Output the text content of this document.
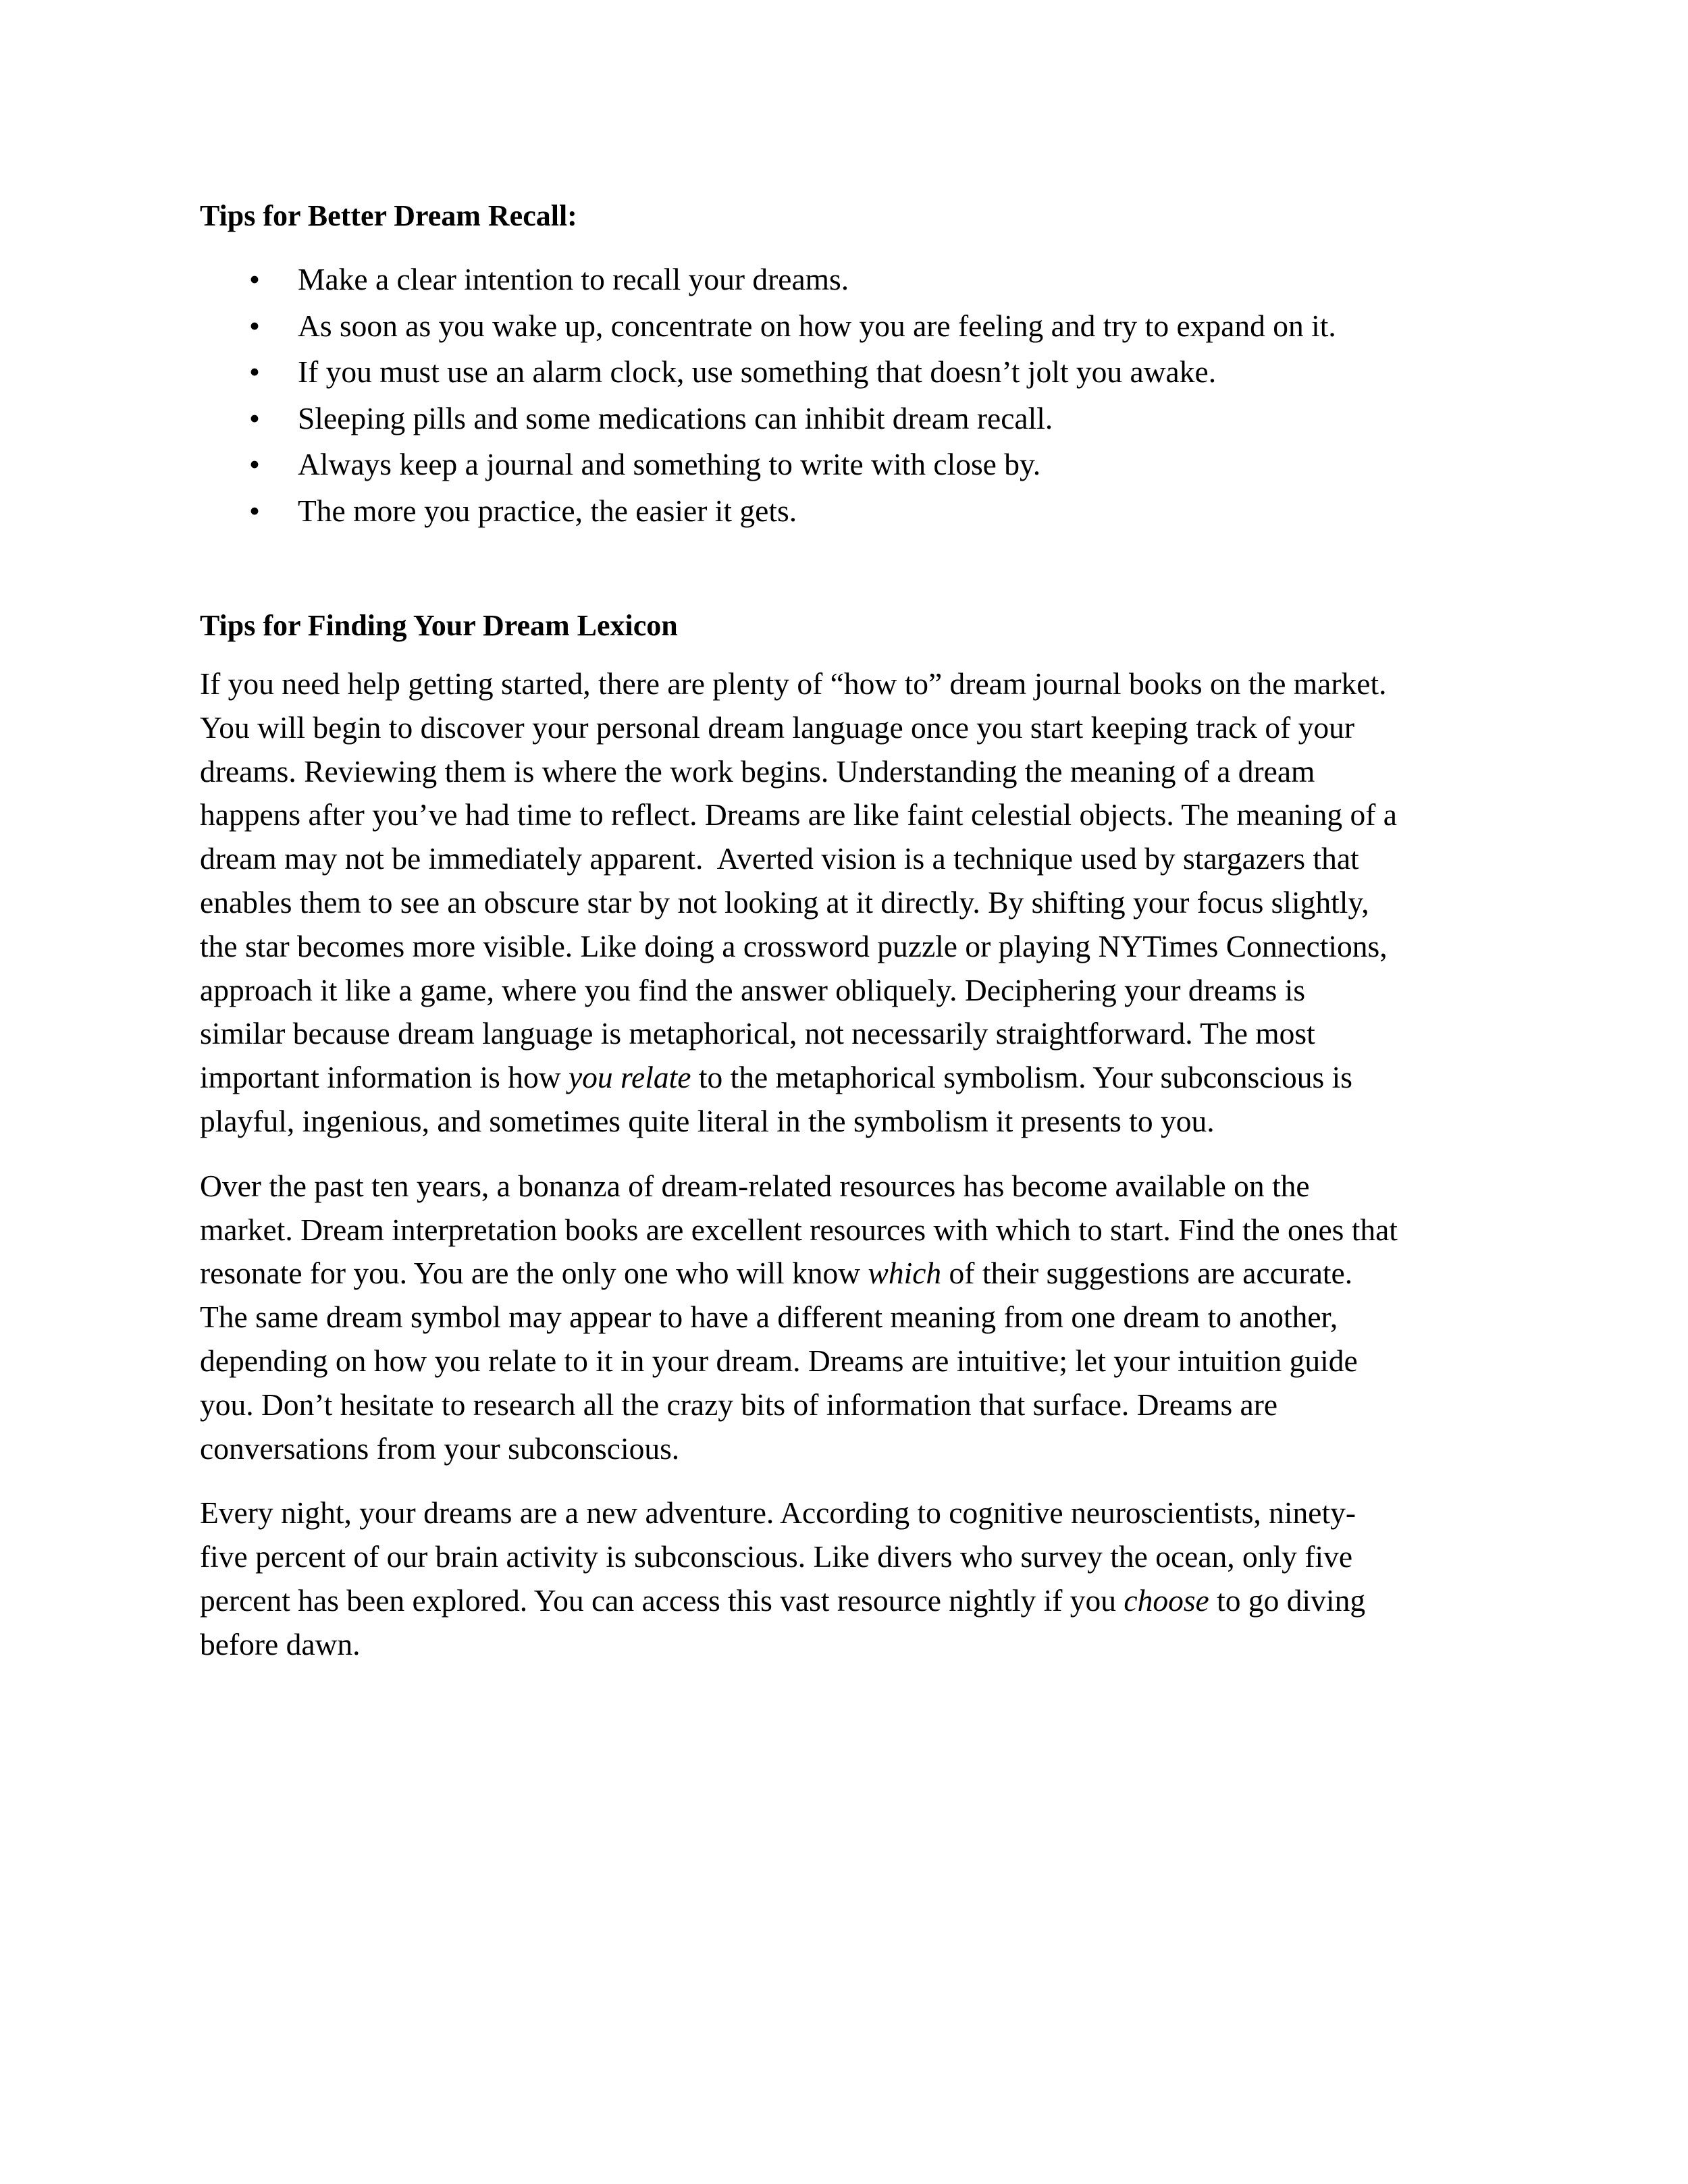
Tips for Better Dream Recall:
•	Make a clear intention to recall your dreams.
•	As soon as you wake up, concentrate on how you are feeling and try to expand on it.
•	If you must use an alarm clock, use something that doesn’t jolt you awake.
•	Sleeping pills and some medications can inhibit dream recall.
•	Always keep a journal and something to write with close by.
•	The more you practice, the easier it gets.
Tips for Finding Your Dream Lexicon

If you need help getting started, there are plenty of “how to” dream journal books on the market.
You will begin to discover your personal dream language once you start keeping track of your
dreams. Reviewing them is where the work begins. Understanding the meaning of a dream
happens after you’ve had time to reflect. Dreams are like faint celestial objects. The meaning of a
dream may not be immediately apparent.  Averted vision is a technique used by stargazers that
enables them to see an obscure star by not looking at it directly. By shifting your focus slightly,
the star becomes more visible. Like doing a crossword puzzle or playing NYTimes Connections,
approach it like a game, where you find the answer obliquely. Deciphering your dreams is
similar because dream language is metaphorical, not necessarily straightforward. The most
important information is how you relate to the metaphorical symbolism. Your subconscious is
playful, ingenious, and sometimes quite literal in the symbolism it presents to you.

Over the past ten years, a bonanza of dream-related resources has become available on the
market. Dream interpretation books are excellent resources with which to start. Find the ones that
resonate for you. You are the only one who will know which of their suggestions are accurate.
The same dream symbol may appear to have a different meaning from one dream to another,
depending on how you relate to it in your dream. Dreams are intuitive; let your intuition guide
you. Don’t hesitate to research all the crazy bits of information that surface. Dreams are
conversations from your subconscious.

Every night, your dreams are a new adventure. According to cognitive neuroscientists, ninety-
five percent of our brain activity is subconscious. Like divers who survey the ocean, only five
percent has been explored. You can access this vast resource nightly if you choose to go diving
before dawn.
